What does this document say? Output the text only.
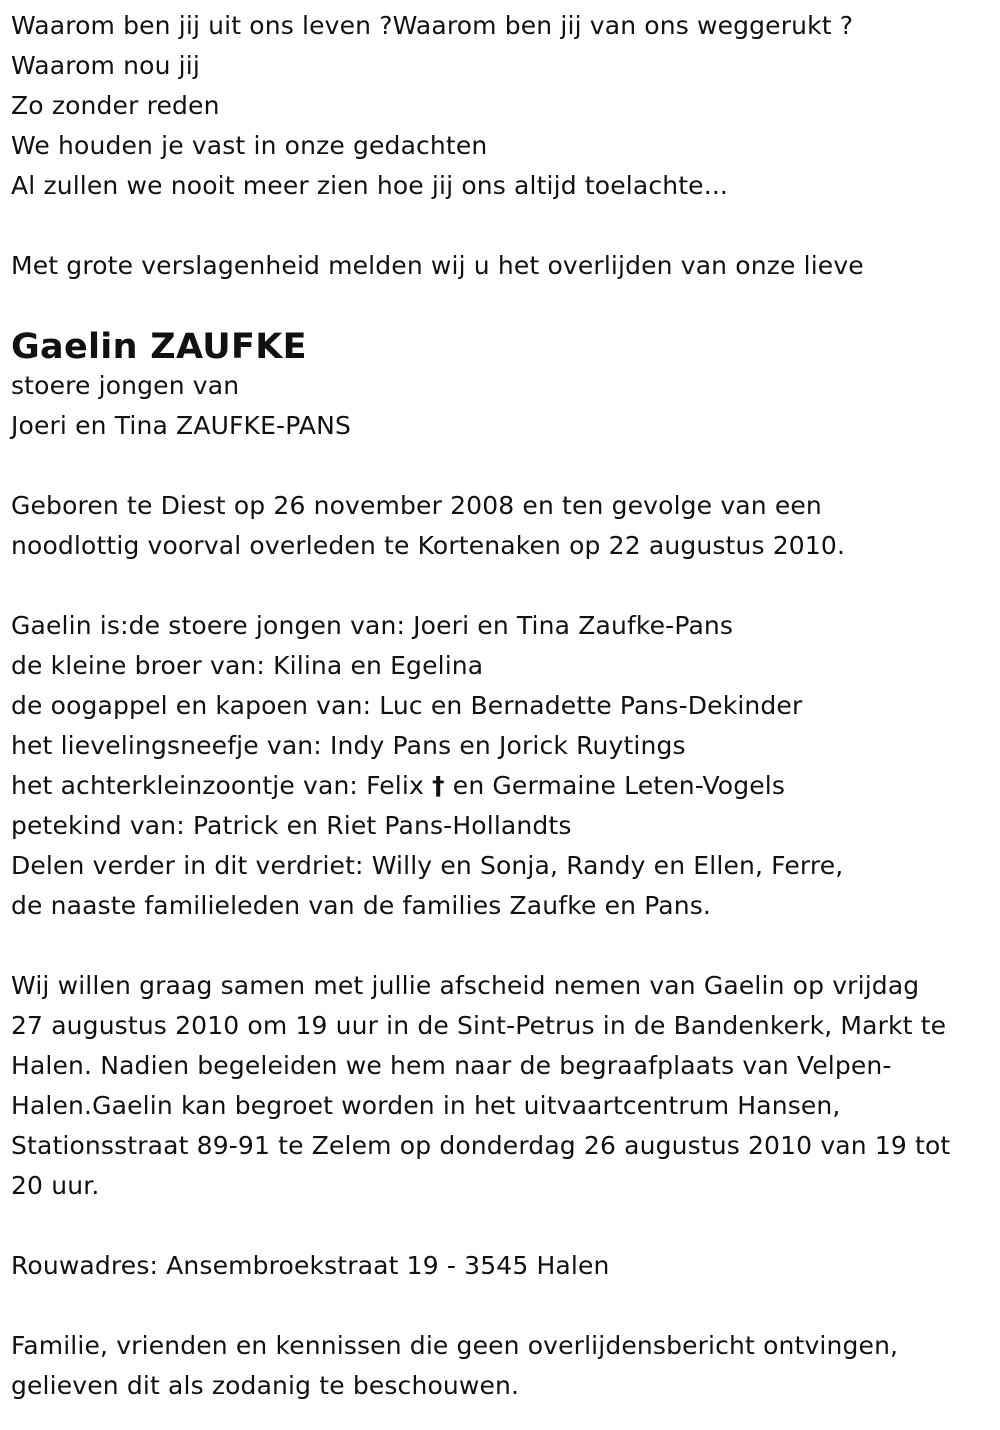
Waarom ben jij uit ons leven ?Waarom ben jij van ons weggerukt ?
Waarom nou jij
Zo zonder reden
We houden je vast in onze gedachten
Al zullen we nooit meer zien hoe jij ons altijd toelachte...
Met grote verslagenheid melden wij u het overlijden van onze lieve
Gaelin ZAUFKE
stoere jongen van
Joeri en Tina ZAUFKE-PANS
Geboren te Diest op 26 november 2008 en ten gevolge van een
noodlottig voorval overleden te Kortenaken op 22 augustus 2010.
Gaelin is:de stoere jongen van: Joeri en Tina Zaufke-Pans
de kleine broer van: Kilina en Egelina
de oogappel en kapoen van: Luc en Bernadette Pans-Dekinder
het lievelingsneefje van: Indy Pans en Jorick Ruytings
het achterkleinzoontje van: Felix † en Germaine Leten-Vogels
petekind van: Patrick en Riet Pans-Hollandts
Delen verder in dit verdriet: Willy en Sonja, Randy en Ellen, Ferre,
de naaste familieleden van de families Zaufke en Pans.
Wij willen graag samen met jullie afscheid nemen van Gaelin op vrijdag
27 augustus 2010 om 19 uur in de Sint-Petrus in de Bandenkerk, Markt te
Halen. Nadien begeleiden we hem naar de begraafplaats van Velpen-
Halen.Gaelin kan begroet worden in het uitvaartcentrum Hansen,
Stationsstraat 89-91 te Zelem op donderdag 26 augustus 2010 van 19 tot
20 uur.
Rouwadres: Ansembroekstraat 19 - 3545 Halen
Familie, vrienden en kennissen die geen overlijdensbericht ontvingen,
gelieven dit als zodanig te beschouwen.
